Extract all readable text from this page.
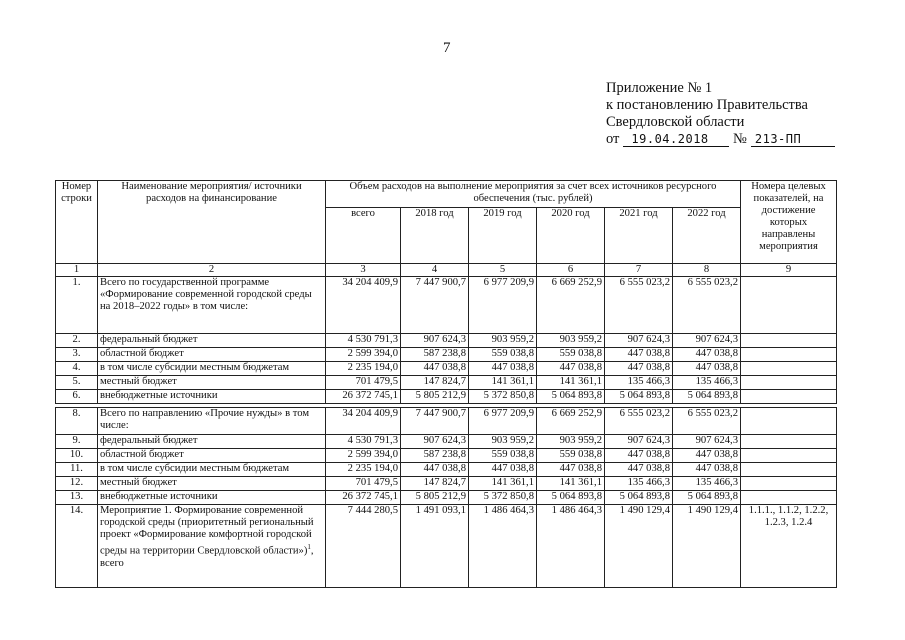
7
Приложение № 1
к постановлению Правительства
Свердловской области
от 19.04.2018 № 213-ПП
Номер строки	Наименование мероприятия/ источники расходов на финансирование	Объем расходов на выполнение мероприятия за счет всех источников ресурсного обеспечения (тыс. рублей)						Номера целевых показателей, на достижение которых направлены мероприятия
		всего	2018 год	2019 год	2020 год	2021 год	2022 год	
1	2	3	4	5	6	7	8	9
1.	Всего по государственной программе «Формирование современной городской среды на 2018–2022 годы» в том числе:	34 204 409,9	7 447 900,7	6 977 209,9	6 669 252,9	6 555 023,2	6 555 023,2	
2.	федеральный бюджет	4 530 791,3	907 624,3	903 959,2	903 959,2	907 624,3	907 624,3	
3.	областной бюджет	2 599 394,0	587 238,8	559 038,8	559 038,8	447 038,8	447 038,8	
4.	в том числе субсидии местным бюджетам	2 235 194,0	447 038,8	447 038,8	447 038,8	447 038,8	447 038,8	
5.	местный бюджет	701 479,5	147 824,7	141 361,1	141 361,1	135 466,3	135 466,3	
6.	внебюджетные источники	26 372 745,1	5 805 212,9	5 372 850,8	5 064 893,8	5 064 893,8	5 064 893,8	

8.	Всего по направлению «Прочие нужды» в том числе:	34 204 409,9	7 447 900,7	6 977 209,9	6 669 252,9	6 555 023,2	6 555 023,2	
9.	федеральный бюджет	4 530 791,3	907 624,3	903 959,2	903 959,2	907 624,3	907 624,3	
10.	областной бюджет	2 599 394,0	587 238,8	559 038,8	559 038,8	447 038,8	447 038,8	
11.	в том числе субсидии местным бюджетам	2 235 194,0	447 038,8	447 038,8	447 038,8	447 038,8	447 038,8	
12.	местный бюджет	701 479,5	147 824,7	141 361,1	141 361,1	135 466,3	135 466,3	
13.	внебюджетные источники	26 372 745,1	5 805 212,9	5 372 850,8	5 064 893,8	5 064 893,8	5 064 893,8	
14.	Мероприятие 1. Формирование современной городской среды (приоритетный региональный проект «Формирование комфортной городской среды на территории Свердловской области»)$^1$, всего	7 444 280,5	1 491 093,1	1 486 464,3	1 486 464,3	1 490 129,4	1 490 129,4	1.1.1., 1.1.2, 1.2.2, 1.2.3, 1.2.4
